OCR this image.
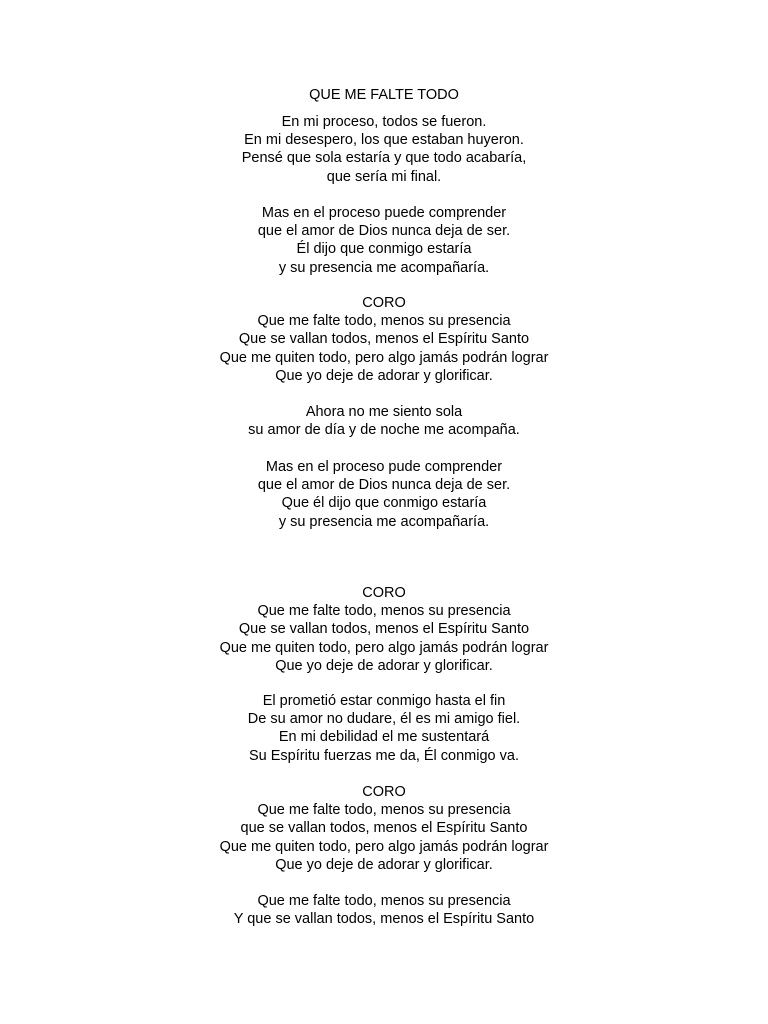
QUE ME FALTE TODO
En mi proceso, todos se fueron.
En mi desespero, los que estaban huyeron.
Pensé que sola estaría y que todo acabaría,
que sería mi final.
Mas en el proceso puede comprender
que el amor de Dios nunca deja de ser.
Él dijo que conmigo estaría
y su presencia me acompañaría.
CORO
Que me falte todo, menos su presencia
Que se vallan todos, menos el Espíritu Santo
Que me quiten todo, pero algo jamás podrán lograr
Que yo deje de adorar y glorificar.
Ahora no me siento sola
su amor de día y de noche me acompaña.
Mas en el proceso pude comprender
que el amor de Dios nunca deja de ser.
Que él dijo que conmigo estaría
y su presencia me acompañaría.
CORO
Que me falte todo, menos su presencia
Que se vallan todos, menos el Espíritu Santo
Que me quiten todo, pero algo jamás podrán lograr
Que yo deje de adorar y glorificar.
El prometió estar conmigo hasta el fin
De su amor no dudare, él es mi amigo fiel.
En mi debilidad el me sustentará
Su Espíritu fuerzas me da, Él conmigo va.
CORO
Que me falte todo, menos su presencia
que se vallan todos, menos el Espíritu Santo
Que me quiten todo, pero algo jamás podrán lograr
Que yo deje de adorar y glorificar.
Que me falte todo, menos su presencia
Y que se vallan todos, menos el Espíritu Santo
